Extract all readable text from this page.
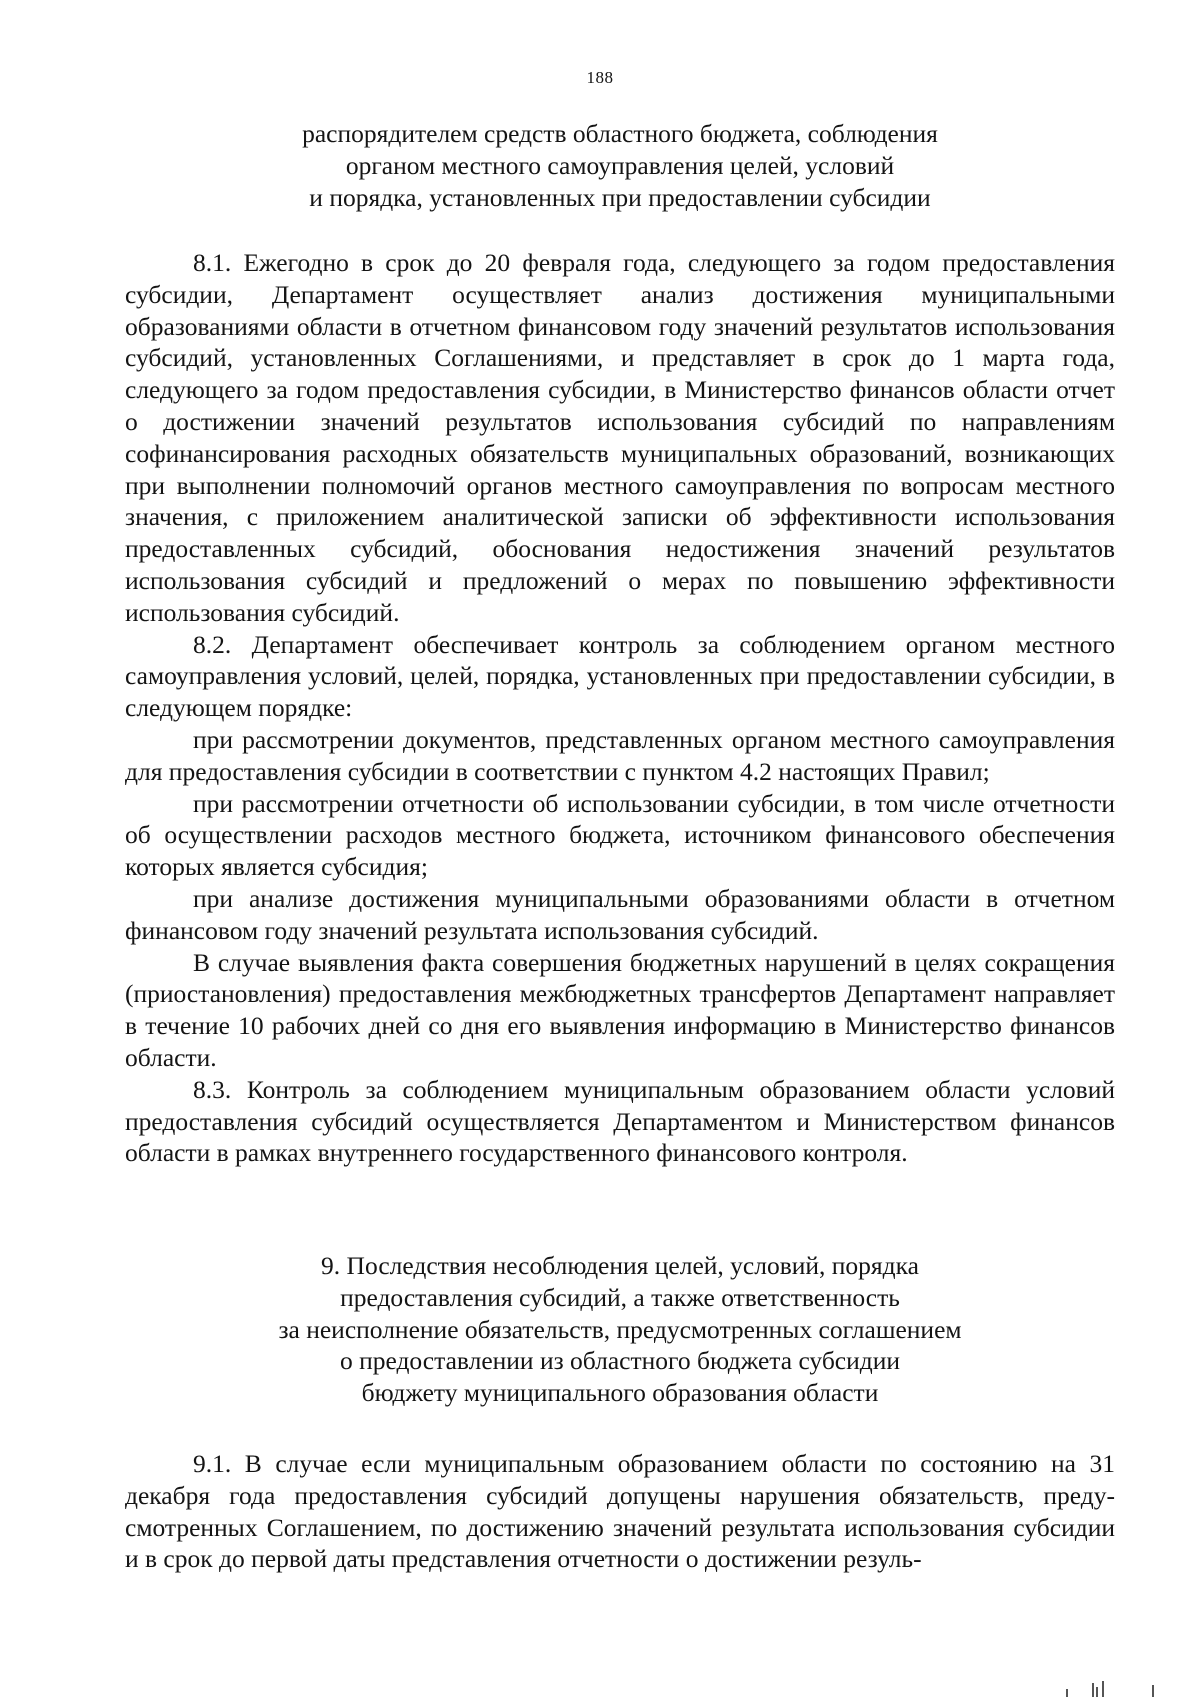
188
распорядителем средств областного бюджета, соблюдения
органом местного самоуправления целей, условий
и порядка, установленных при предоставлении субсидии

8.1. Ежегодно в срок до 20 февраля года, следующего за годом предоставления субсидии, Департамент осуществляет анализ достижения муниципальными образованиями области в отчетном финансовом году значений результатов использования субсидий, установленных Соглашениями, и представляет в срок до 1 марта года, следующего за годом предоставления субсидии, в Министерство финансов области отчет о достижении значений результатов использования субсидий по направлениям софинансирования расходных обязательств муниципальных образований, возникающих при выполнении полномочий органов местного самоуправления по вопросам местного значения, с приложением аналитической записки об эффективности использования предоставленных субсидий, обоснования недостижения значений результатов использования субсидий и предложений о мерах по повышению эффективности использования субсидий.

8.2. Департамент обеспечивает контроль за соблюдением органом местного самоуправления условий, целей, порядка, установленных при предоставлении субсидии, в следующем порядке:

при рассмотрении документов, представленных органом местного самоуправления для предоставления субсидии в соответствии с пунктом 4.2 настоящих Правил;

при рассмотрении отчетности об использовании субсидии, в том числе отчетности об осуществлении расходов местного бюджета, источником финансового обеспечения которых является субсидия;

при анализе достижения муниципальными образованиями области в отчетном финансовом году значений результата использования субсидий.

В случае выявления факта совершения бюджетных нарушений в целях сокращения (приостановления) предоставления межбюджетных трансфертов Департамент направляет в течение 10 рабочих дней со дня его выявления информацию в Министерство финансов области.

8.3. Контроль за соблюдением муниципальным образованием области условий предоставления субсидий осуществляется Департаментом и Министерством финансов области в рамках внутреннего государственного финансового контроля.

9. Последствия несоблюдения целей, условий, порядка
предоставления субсидий, а также ответственность
за неисполнение обязательств, предусмотренных соглашением
о предоставлении из областного бюджета субсидии
бюджету муниципального образования области

9.1. В случае если муниципальным образованием области по состоянию на 31 декабря года предоставления субсидий допущены нарушения обязательств, предусмотренных Соглашением, по достижению значений результата использования субсидии и в срок до первой даты представления отчетности о достижении резуль-
